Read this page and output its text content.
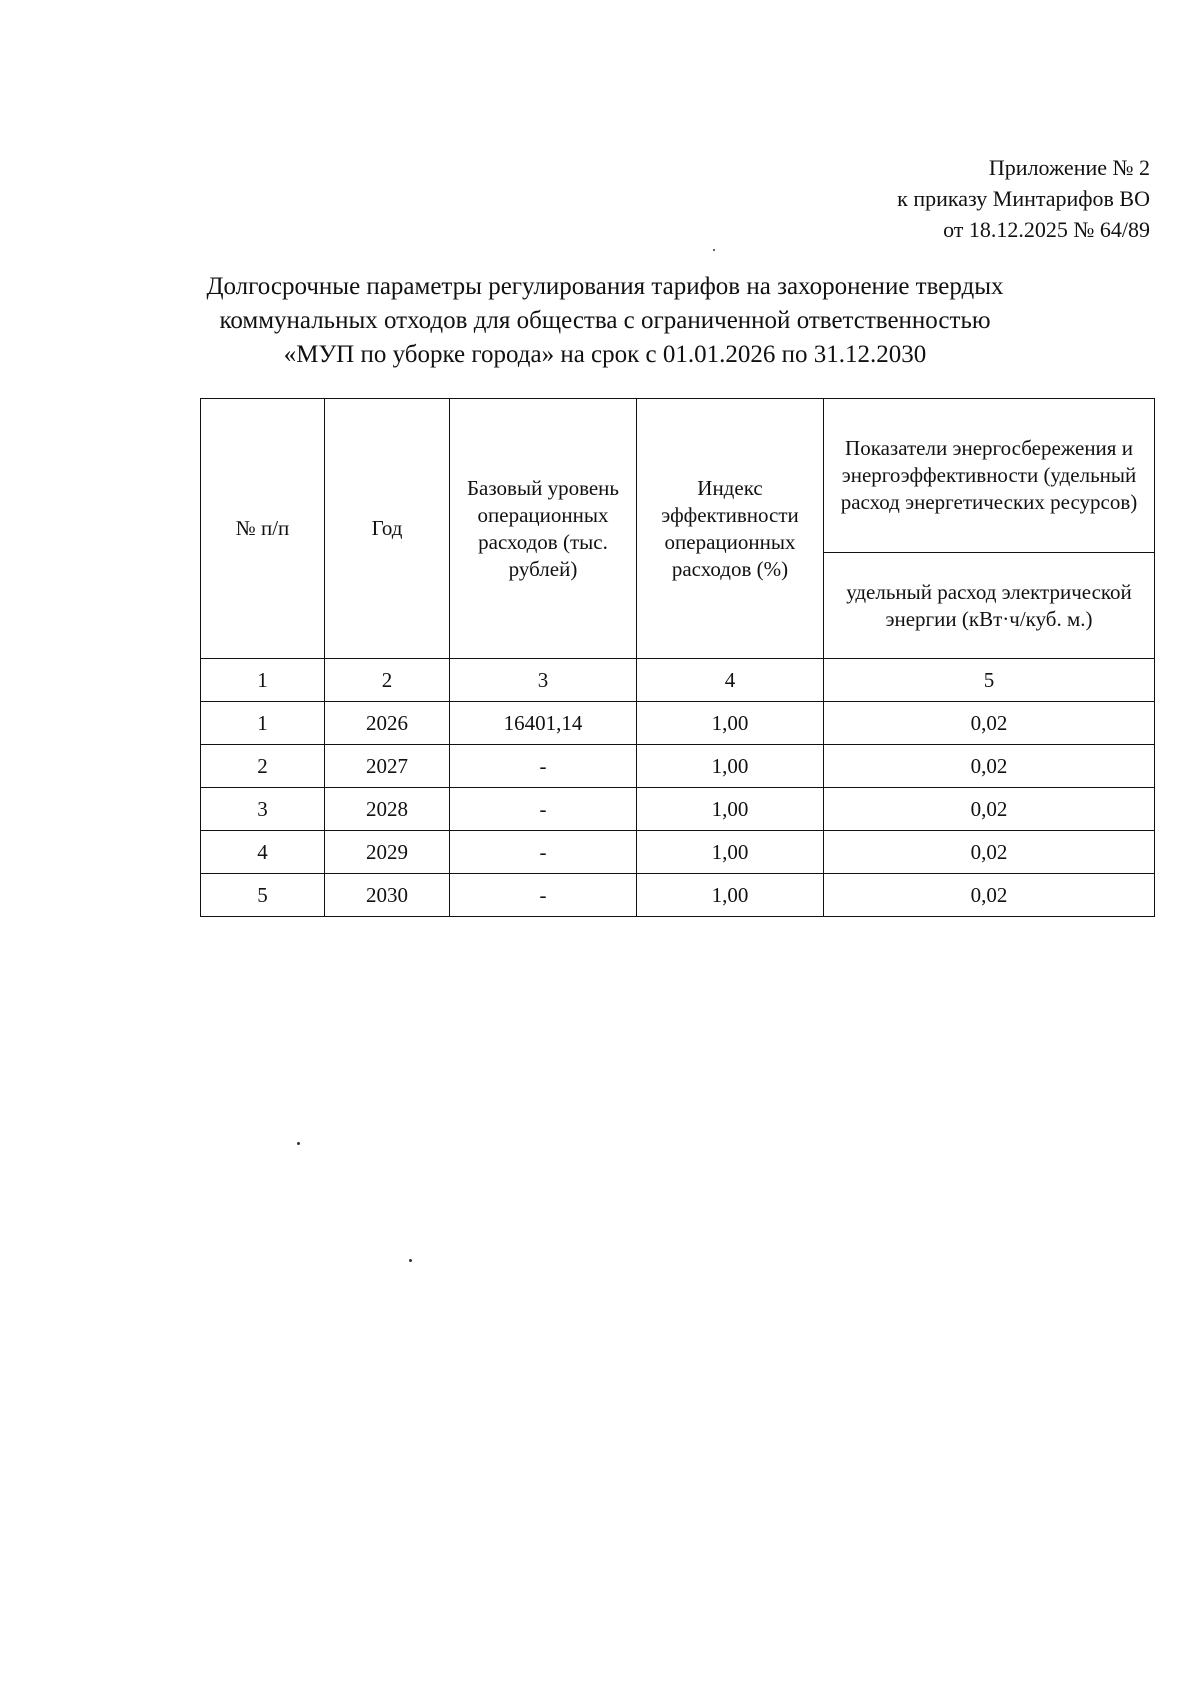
Приложение № 2
к приказу Минтарифов ВО
от 18.12.2025 № 64/89
Долгосрочные параметры регулирования тарифов на захоронение твердых
коммунальных отходов для общества с ограниченной ответственностью
«МУП по уборке города» на срок с 01.01.2026 по 31.12.2030
№ п/п	Год	Базовый уровень операционных расходов (тыс. рублей)	Индекс эффективности операционных расходов (%)	Показатели энергосбережения и энергоэффективности (удельный расход энергетических ресурсов)
				удельный расход электрической энергии (кВт·ч/куб. м.)
1	2	3	4	5
1	2026	16401,14	1,00	0,02
2	2027	-	1,00	0,02
3	2028	-	1,00	0,02
4	2029	-	1,00	0,02
5	2030	-	1,00	0,02
